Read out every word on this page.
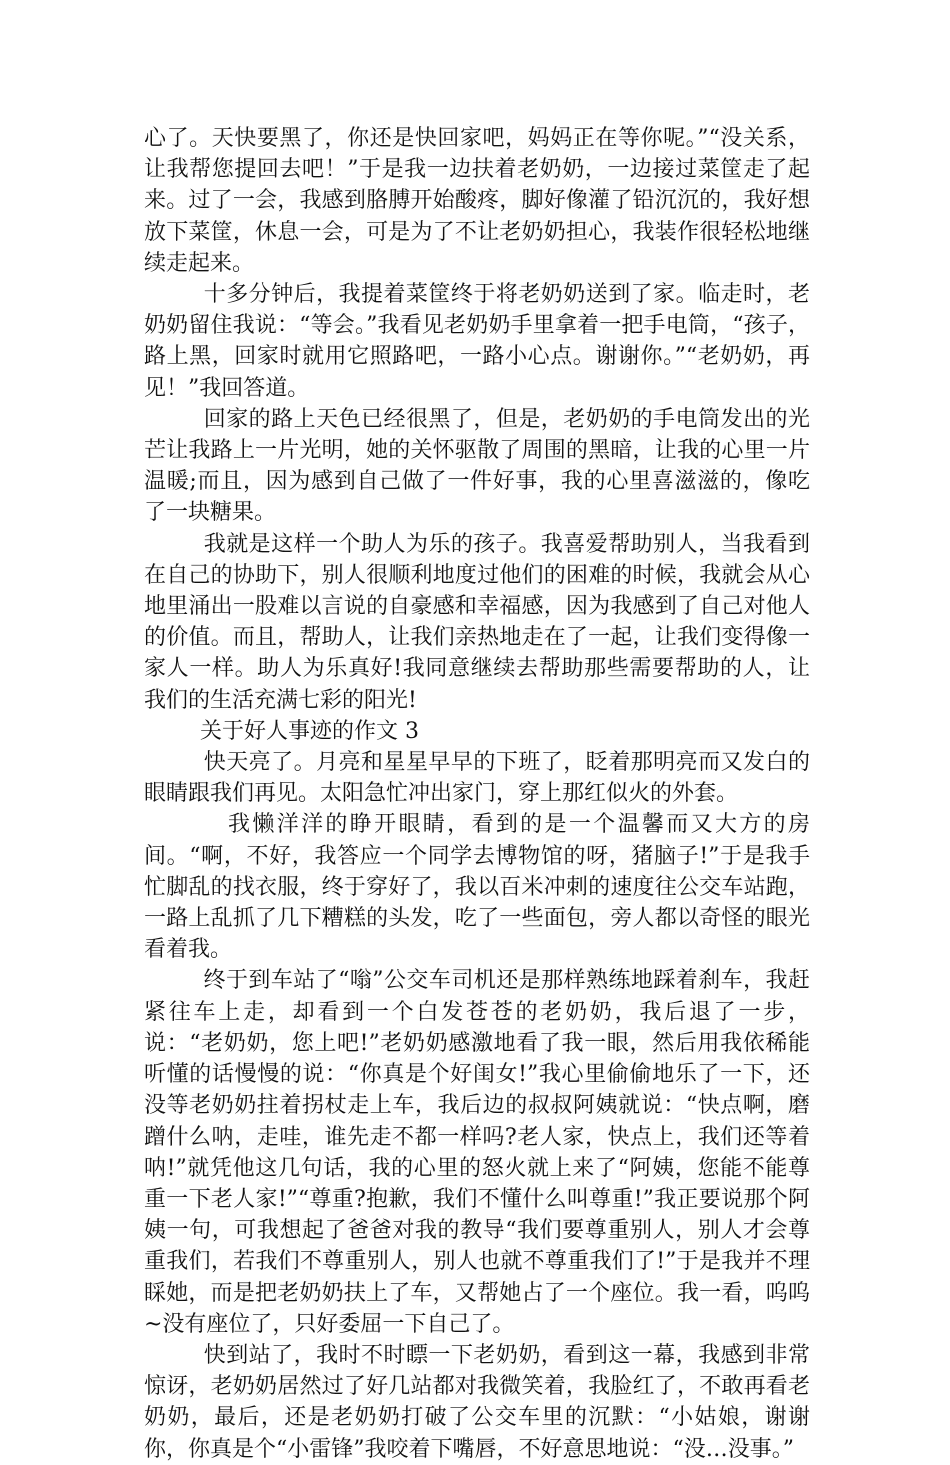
心了。天快要黑了，你还是快回家吧，妈妈正在等你呢。”“没关系，让我帮您提回去吧！”于是我一边扶着老奶奶，一边接过菜筐走了起来。过了一会，我感到胳膊开始酸疼，脚好像灌了铅沉沉的，我好想放下菜筐，休息一会，可是为了不让老奶奶担心，我装作很轻松地继续走起来。

十多分钟后，我提着菜筐终于将老奶奶送到了家。临走时，老奶奶留住我说：“等会。”我看见老奶奶手里拿着一把手电筒，“孩子，路上黑，回家时就用它照路吧，一路小心点。谢谢你。”“老奶奶，再见！”我回答道。

回家的路上天色已经很黑了，但是，老奶奶的手电筒发出的光芒让我路上一片光明，她的关怀驱散了周围的黑暗，让我的心里一片温暖;而且，因为感到自己做了一件好事，我的心里喜滋滋的，像吃了一块糖果。

我就是这样一个助人为乐的孩子。我喜爱帮助别人，当我看到在自己的协助下，别人很顺利地度过他们的困难的时候，我就会从心地里涌出一股难以言说的自豪感和幸福感，因为我感到了自己对他人的价值。而且，帮助人，让我们亲热地走在了一起，让我们变得像一家人一样。助人为乐真好!我同意继续去帮助那些需要帮助的人，让我们的生活充满七彩的阳光!

关于好人事迹的作文 3

快天亮了。月亮和星星早早的下班了，眨着那明亮而又发白的眼睛跟我们再见。太阳急忙冲出家门，穿上那红似火的外套。

我懒洋洋的睁开眼睛，看到的是一个温馨而又大方的房间。“啊，不好，我答应一个同学去博物馆的呀，猪脑子!”于是我手忙脚乱的找衣服，终于穿好了，我以百米冲刺的速度往公交车站跑，一路上乱抓了几下糟糕的头发，吃了一些面包，旁人都以奇怪的眼光看着我。

终于到车站了“嗡”公交车司机还是那样熟练地踩着刹车，我赶紧往车上走，却看到一个白发苍苍的老奶奶，我后退了一步，说：“老奶奶，您上吧!”老奶奶感激地看了我一眼，然后用我依稀能听懂的话慢慢的说：“你真是个好闺女!”我心里偷偷地乐了一下，还没等老奶奶拄着拐杖走上车，我后边的叔叔阿姨就说：“快点啊，磨蹭什么呐，走哇，谁先走不都一样吗?老人家，快点上，我们还等着呐!”就凭他这几句话，我的心里的怒火就上来了“阿姨，您能不能尊重一下老人家!”“尊重?抱歉，我们不懂什么叫尊重!”我正要说那个阿姨一句，可我想起了爸爸对我的教导“我们要尊重别人，别人才会尊重我们，若我们不尊重别人，别人也就不尊重我们了!”于是我并不理睬她，而是把老奶奶扶上了车，又帮她占了一个座位。我一看，呜呜~没有座位了，只好委屈一下自己了。

快到站了，我时不时瞟一下老奶奶，看到这一幕，我感到非常惊讶，老奶奶居然过了好几站都对我微笑着，我脸红了，不敢再看老奶奶，最后，还是老奶奶打破了公交车里的沉默：“小姑娘，谢谢你，你真是个“小雷锋”我咬着下嘴唇，不好意思地说：“没…没事。”
